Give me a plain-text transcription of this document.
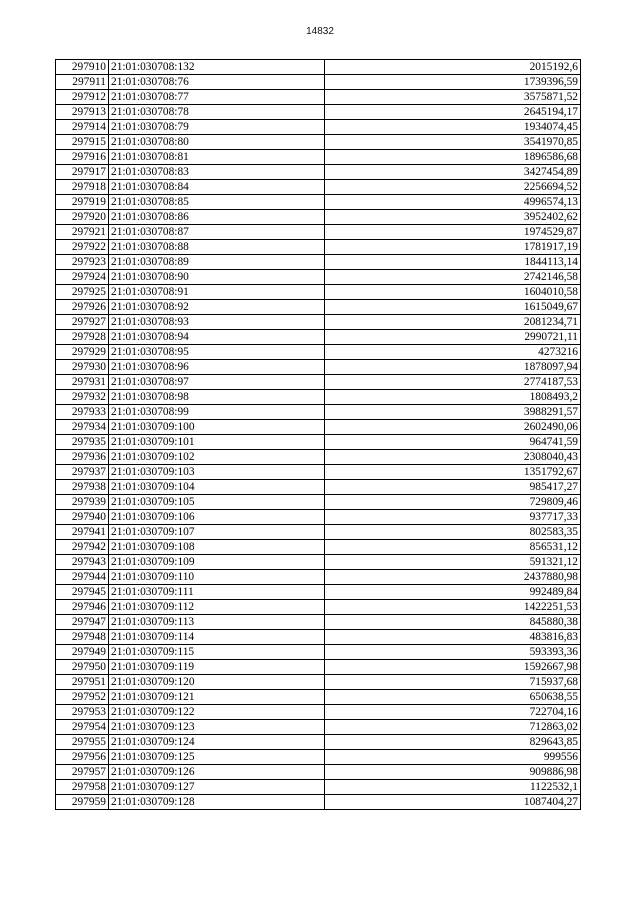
14832
297910	21:01:030708:132	2015192,6
297911	21:01:030708:76	1739396,59
297912	21:01:030708:77	3575871,52
297913	21:01:030708:78	2645194,17
297914	21:01:030708:79	1934074,45
297915	21:01:030708:80	3541970,85
297916	21:01:030708:81	1896586,68
297917	21:01:030708:83	3427454,89
297918	21:01:030708:84	2256694,52
297919	21:01:030708:85	4996574,13
297920	21:01:030708:86	3952402,62
297921	21:01:030708:87	1974529,87
297922	21:01:030708:88	1781917,19
297923	21:01:030708:89	1844113,14
297924	21:01:030708:90	2742146,58
297925	21:01:030708:91	1604010,58
297926	21:01:030708:92	1615049,67
297927	21:01:030708:93	2081234,71
297928	21:01:030708:94	2990721,11
297929	21:01:030708:95	4273216
297930	21:01:030708:96	1878097,94
297931	21:01:030708:97	2774187,53
297932	21:01:030708:98	1808493,2
297933	21:01:030708:99	3988291,57
297934	21:01:030709:100	2602490,06
297935	21:01:030709:101	964741,59
297936	21:01:030709:102	2308040,43
297937	21:01:030709:103	1351792,67
297938	21:01:030709:104	985417,27
297939	21:01:030709:105	729809,46
297940	21:01:030709:106	937717,33
297941	21:01:030709:107	802583,35
297942	21:01:030709:108	856531,12
297943	21:01:030709:109	591321,12
297944	21:01:030709:110	2437880,98
297945	21:01:030709:111	992489,84
297946	21:01:030709:112	1422251,53
297947	21:01:030709:113	845880,38
297948	21:01:030709:114	483816,83
297949	21:01:030709:115	593393,36
297950	21:01:030709:119	1592667,98
297951	21:01:030709:120	715937,68
297952	21:01:030709:121	650638,55
297953	21:01:030709:122	722704,16
297954	21:01:030709:123	712863,02
297955	21:01:030709:124	829643,85
297956	21:01:030709:125	999556
297957	21:01:030709:126	909886,98
297958	21:01:030709:127	1122532,1
297959	21:01:030709:128	1087404,27
